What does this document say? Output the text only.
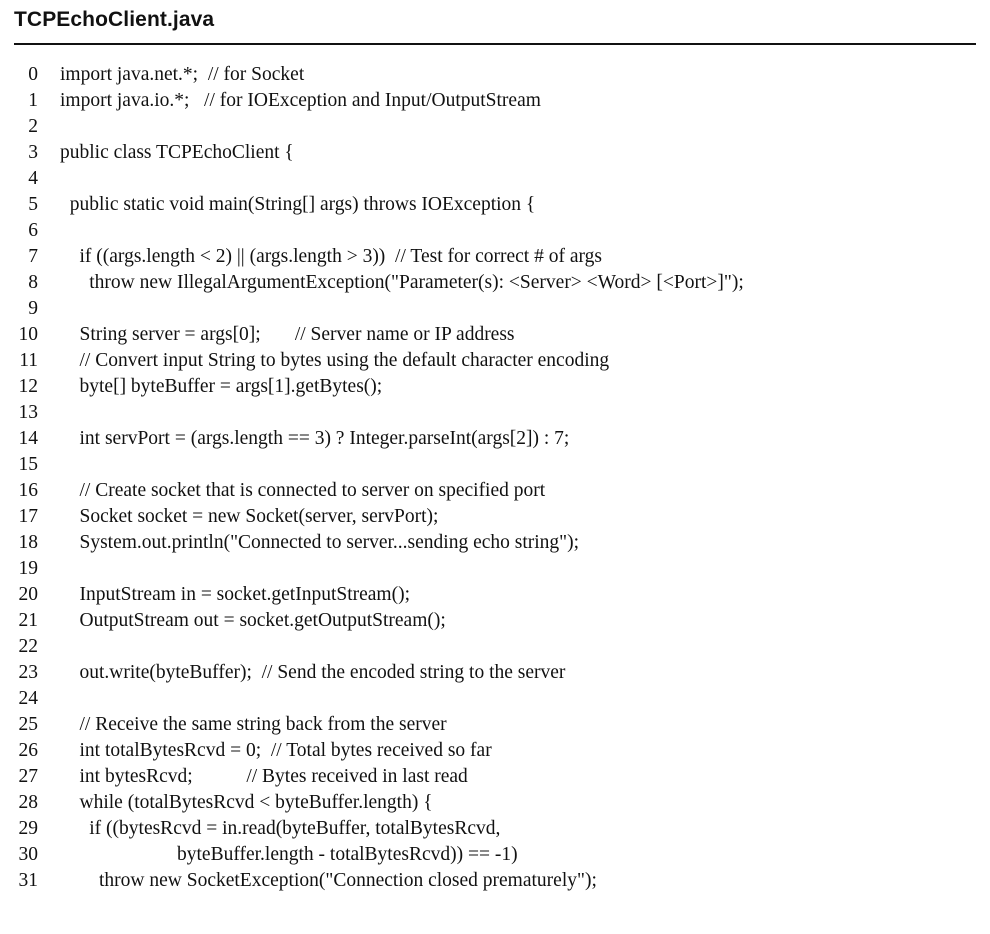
TCPEchoClient.java
0 import java.net.*;  // for Socket
1 import java.io.*;   // for IOException and Input/OutputStream
2
3 public class TCPEchoClient {
4
5 public static void main(String[] args) throws IOException {
6
7 if ((args.length < 2) || (args.length > 3))  // Test for correct # of args
8 throw new IllegalArgumentException("Parameter(s): <Server> <Word> [<Port>]");
9
10 String server = args[0];       // Server name or IP address
11 // Convert input String to bytes using the default character encoding
12 byte[] byteBuffer = args[1].getBytes();
13
14 int servPort = (args.length == 3) ? Integer.parseInt(args[2]) : 7;
15
16 // Create socket that is connected to server on specified port
17 Socket socket = new Socket(server, servPort);
18 System.out.println("Connected to server...sending echo string");
19
20 InputStream in = socket.getInputStream();
21 OutputStream out = socket.getOutputStream();
22
23 out.write(byteBuffer);  // Send the encoded string to the server
24
25 // Receive the same string back from the server
26 int totalBytesRcvd = 0;  // Total bytes received so far
27 int bytesRcvd;           // Bytes received in last read
28 while (totalBytesRcvd < byteBuffer.length) {
29 if ((bytesRcvd = in.read(byteBuffer, totalBytesRcvd,
30 byteBuffer.length - totalBytesRcvd)) == -1)
31 throw new SocketException("Connection closed prematurely");
